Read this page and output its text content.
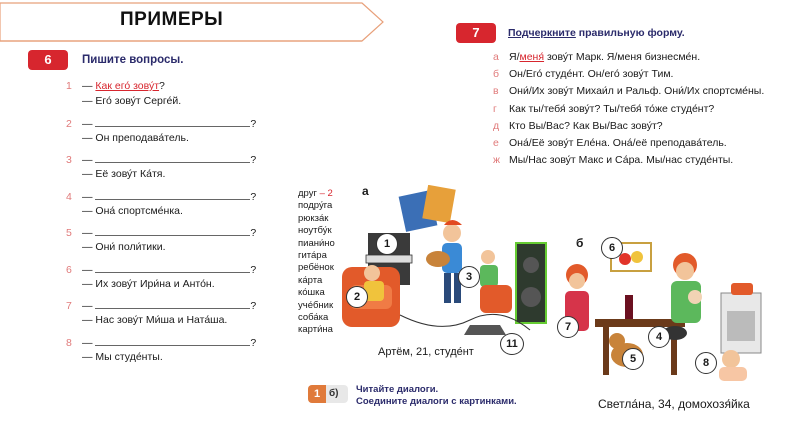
ПРИМЕРЫ
6	Пишите вопросы.
1 — Как его́ зову́т?
— Его́ зову́т Серге́й.
2 —	?
— Он преподава́тель.
3 —	?
— Её зову́т Ка́тя.
4 —	?
— Она́ спортсме́нка.
5 —	?
— Они́ поли́тики.
6 —	?
— Их зову́т Ири́на и Анто́н.
7 —	?
— Нас зову́т Ми́ша и Ната́ша.
8 —	?
— Мы студе́нты.
7	Подчеркните правильную форму.
а Я/меня́ зову́т Марк. Я/меня бизнесме́н.
б Он/Его́ студе́нт. Он/его́ зову́т Тим.
в Они́/Их зову́т Михаи́л и Ральф. Они́/Их спортсме́ны.
г Как ты/тебя́ зову́т? Ты/тебя́ то́же студе́нт?
д Кто Вы/Вас? Как Вы/Вас зову́т?
е Она́/Её зову́т Еле́на. Она́/её преподава́тель.
ж Мы/Нас зову́т Макс и Са́ра. Мы/нас студе́нты.
друг – 2
подру́га
рюкза́к
ноутбу́к
пиани́но
гита́ра
ребёнок
ка́рта
ко́шка
уче́бник
соба́ка
карти́на
а
1
2
3
11
Артём, 21, студе́нт
б	6
7
4
5	8
Светла́на, 34, домохозя́йка
1 б) Читайте диалоги.
Соедините диалоги с картинками.
